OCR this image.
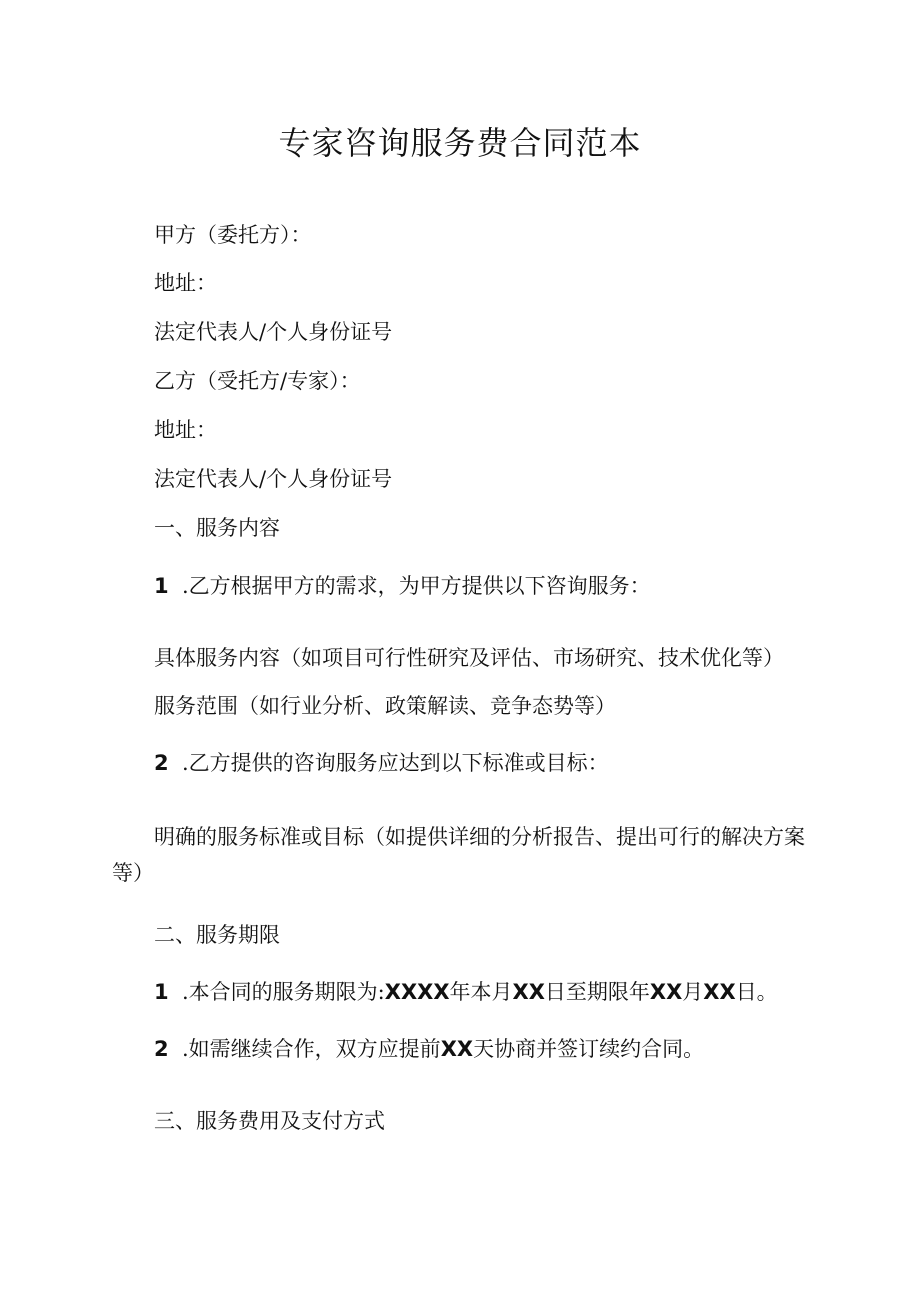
专家咨询服务费合同范本

甲方（委托方）：

地址：

法定代表人/个人身份证号

乙方（受托方/专家）：

地址：

法定代表人/个人身份证号

一、服务内容

1 .乙方根据甲方的需求，为甲方提供以下咨询服务：

具体服务内容（如项目可行性研究及评估、市场研究、技术优化等）

服务范围（如行业分析、政策解读、竞争态势等）

2 .乙方提供的咨询服务应达到以下标准或目标：

明确的服务标准或目标（如提供详细的分析报告、提出可行的解决方案等）

二、服务期限

1 .本合同的服务期限为:XXXX年本月XX日至期限年XX月XX日。

2 .如需继续合作，双方应提前XX天协商并签订续约合同。

三、服务费用及支付方式
